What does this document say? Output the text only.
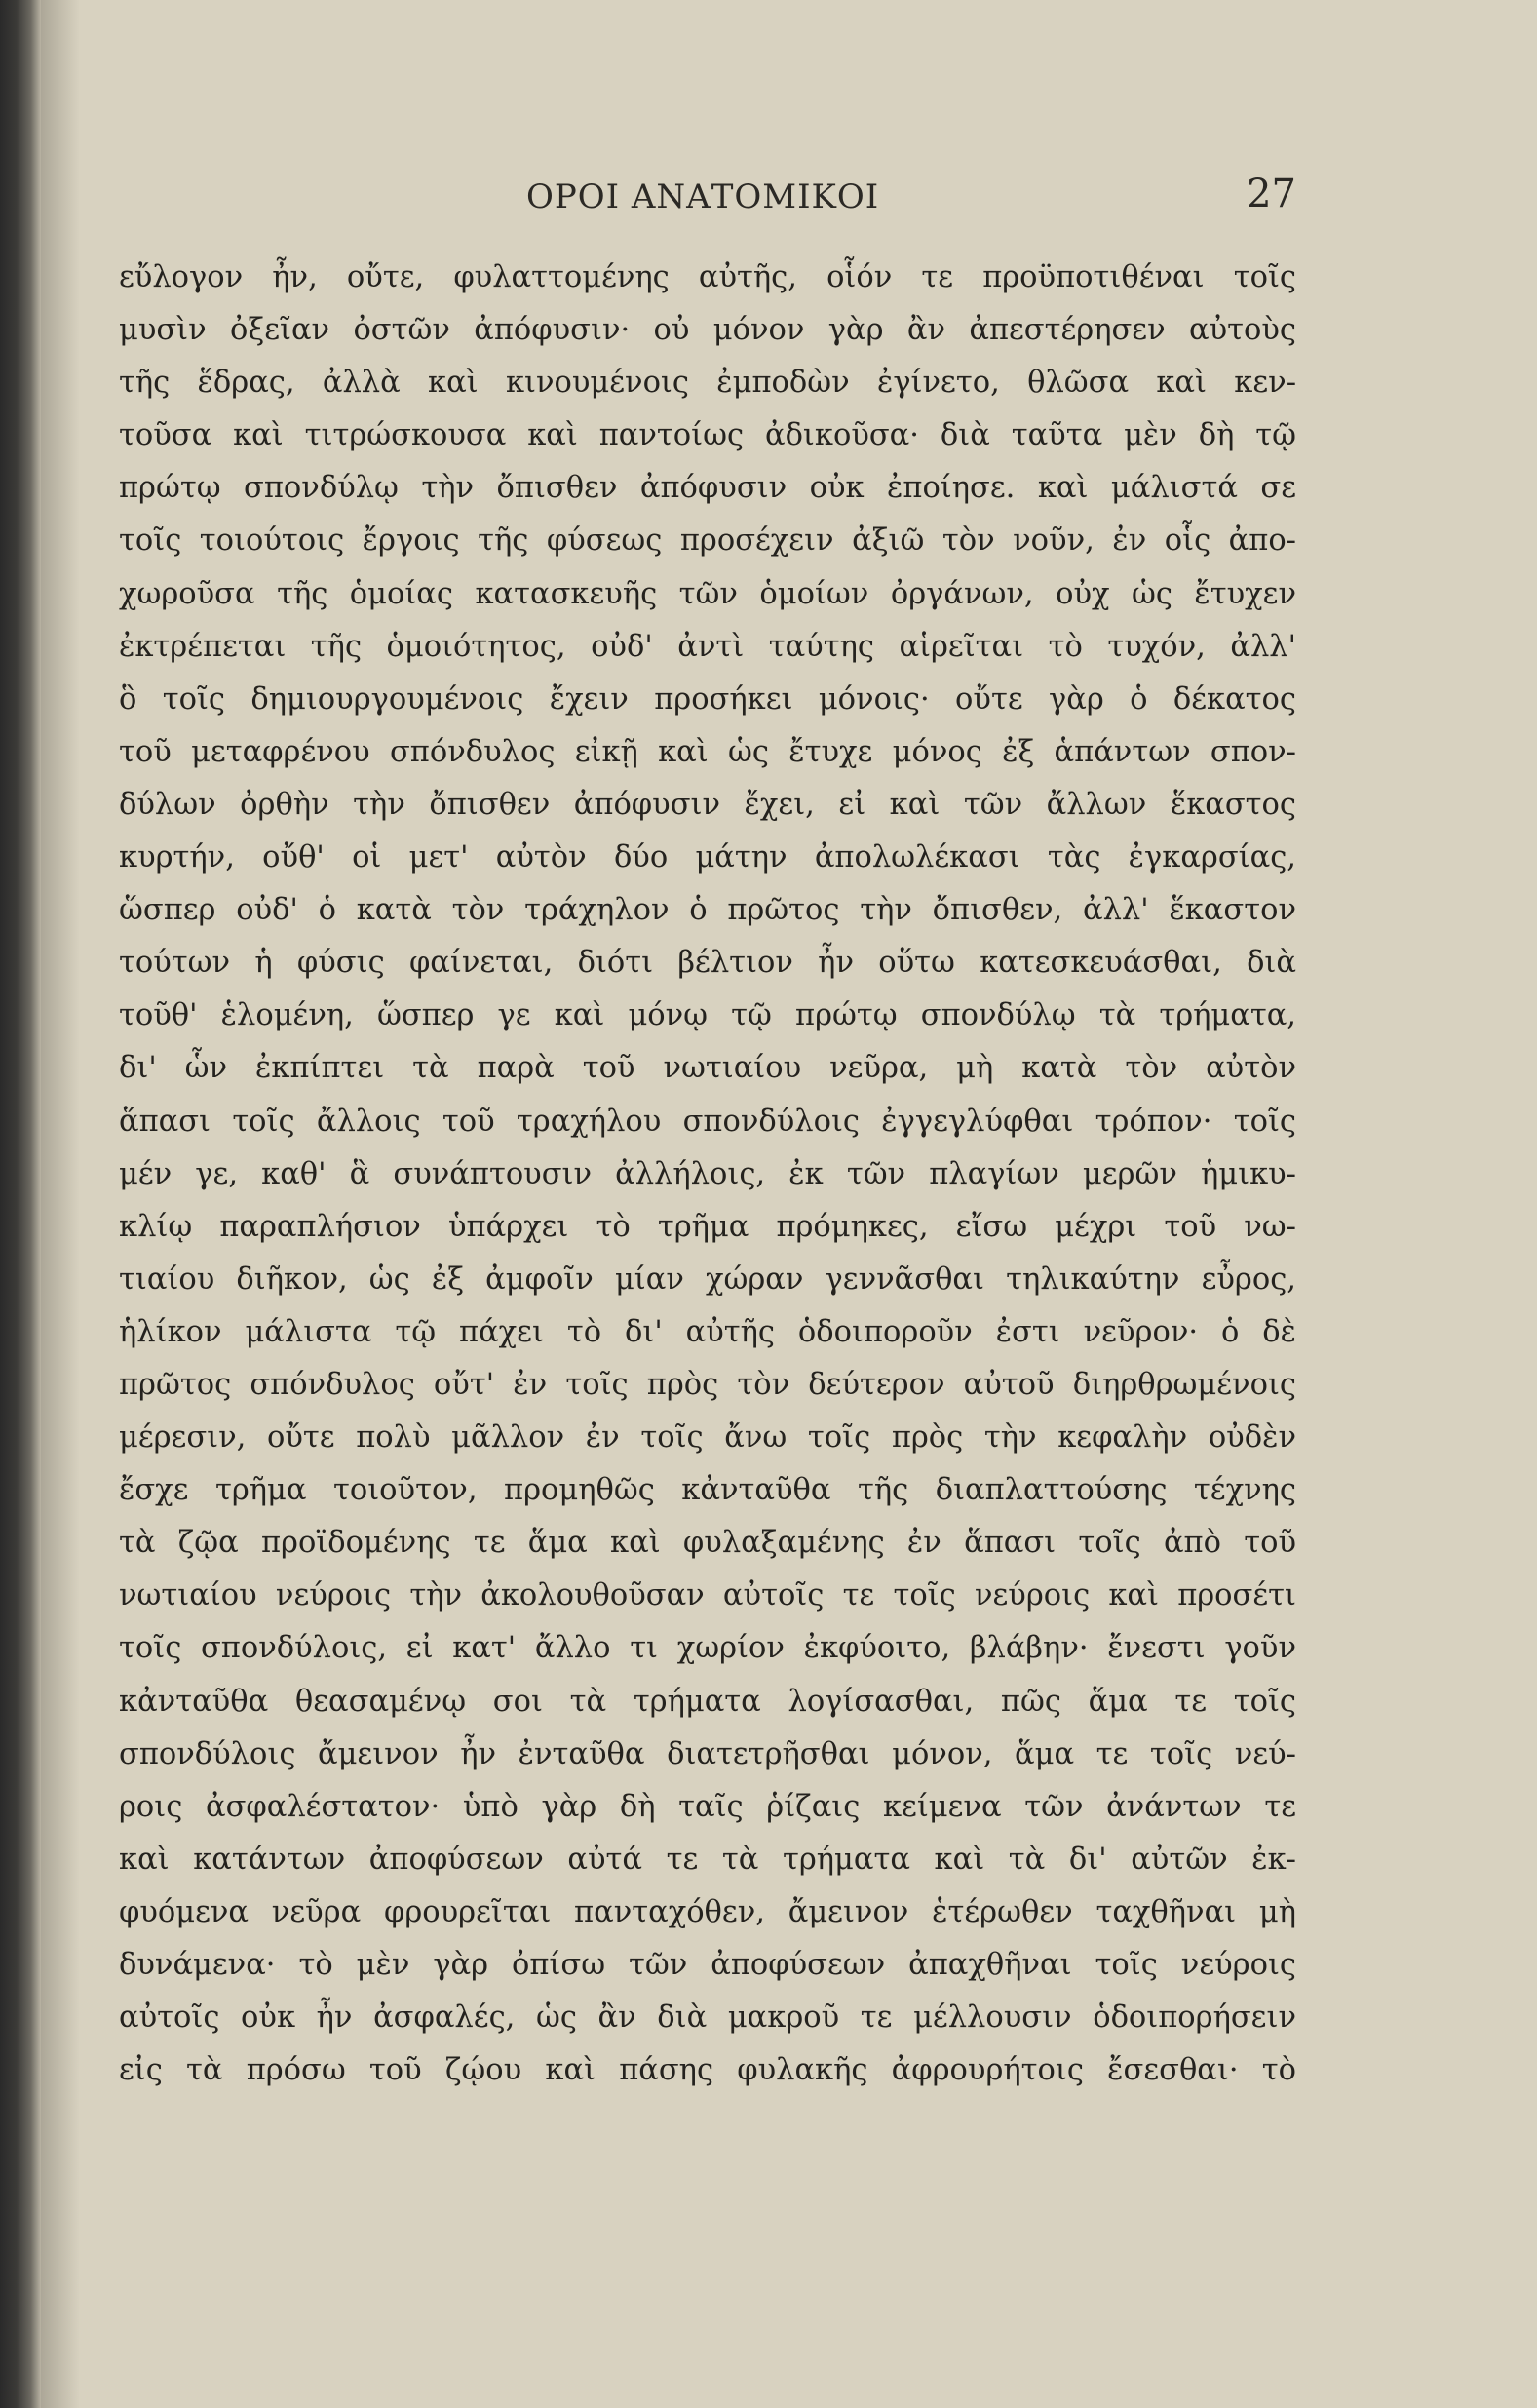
ΟΡΟΙ ΑΝΑΤΟΜΙΚΟΙ	27
εὔλογον ἦν, οὔτε, φυλαττομένης αὐτῆς, οἷόν τε προϋποτιθέναι τοῖς
μυσὶν ὀξεῖαν ὀστῶν ἀπόφυσιν· οὐ μόνον γὰρ ἂν ἀπεστέρησεν αὐτοὺς
τῆς ἕδρας, ἀλλὰ καὶ κινουμένοις ἐμποδὼν ἐγίνετο, θλῶσα καὶ κεν-
τοῦσα καὶ τιτρώσκουσα καὶ παντοίως ἀδικοῦσα· διὰ ταῦτα μὲν δὴ τῷ
πρώτῳ σπονδύλῳ τὴν ὄπισθεν ἀπόφυσιν οὐκ ἐποίησε. καὶ μάλιστά σε
τοῖς τοιούτοις ἔργοις τῆς φύσεως προσέχειν ἀξιῶ τὸν νοῦν, ἐν οἷς ἀπο-
χωροῦσα τῆς ὁμοίας κατασκευῆς τῶν ὁμοίων ὀργάνων, οὐχ ὡς ἔτυχεν
ἐκτρέπεται τῆς ὁμοιότητος, οὐδ' ἀντὶ ταύτης αἱρεῖται τὸ τυχόν, ἀλλ'
ὃ τοῖς δημιουργουμένοις ἔχειν προσήκει μόνοις· οὔτε γὰρ ὁ δέκατος
τοῦ μεταφρένου σπόνδυλος εἰκῇ καὶ ὡς ἔτυχε μόνος ἐξ ἁπάντων σπον-
δύλων ὀρθὴν τὴν ὄπισθεν ἀπόφυσιν ἔχει, εἰ καὶ τῶν ἄλλων ἕκαστος
κυρτήν, οὔθ' οἱ μετ' αὐτὸν δύο μάτην ἀπολωλέκασι τὰς ἐγκαρσίας,
ὥσπερ οὐδ' ὁ κατὰ τὸν τράχηλον ὁ πρῶτος τὴν ὄπισθεν, ἀλλ' ἕκαστον
τούτων ἡ φύσις φαίνεται, διότι βέλτιον ἦν οὕτω κατεσκευάσθαι, διὰ
τοῦθ' ἑλομένη, ὥσπερ γε καὶ μόνῳ τῷ πρώτῳ σπονδύλῳ τὰ τρήματα,
δι' ὧν ἐκπίπτει τὰ παρὰ τοῦ νωτιαίου νεῦρα, μὴ κατὰ τὸν αὐτὸν
ἅπασι τοῖς ἄλλοις τοῦ τραχήλου σπονδύλοις ἐγγεγλύφθαι τρόπον· τοῖς
μέν γε, καθ' ἃ συνάπτουσιν ἀλλήλοις, ἐκ τῶν πλαγίων μερῶν ἡμικυ-
κλίῳ παραπλήσιον ὑπάρχει τὸ τρῆμα πρόμηκες, εἴσω μέχρι τοῦ νω-
τιαίου διῆκον, ὡς ἐξ ἀμφοῖν μίαν χώραν γεννᾶσθαι τηλικαύτην εὖρος,
ἡλίκον μάλιστα τῷ πάχει τὸ δι' αὐτῆς ὁδοιποροῦν ἐστι νεῦρον· ὁ δὲ
πρῶτος σπόνδυλος οὔτ' ἐν τοῖς πρὸς τὸν δεύτερον αὐτοῦ διηρθρωμένοις
μέρεσιν, οὔτε πολὺ μᾶλλον ἐν τοῖς ἄνω τοῖς πρὸς τὴν κεφαλὴν οὐδὲν
ἔσχε τρῆμα τοιοῦτον, προμηθῶς κἀνταῦθα τῆς διαπλαττούσης τέχνης
τὰ ζῷα προϊδομένης τε ἅμα καὶ φυλαξαμένης ἐν ἅπασι τοῖς ἀπὸ τοῦ
νωτιαίου νεύροις τὴν ἀκολουθοῦσαν αὐτοῖς τε τοῖς νεύροις καὶ προσέτι
τοῖς σπονδύλοις, εἰ κατ' ἄλλο τι χωρίον ἐκφύοιτο, βλάβην· ἔνεστι γοῦν
κἀνταῦθα θεασαμένῳ σοι τὰ τρήματα λογίσασθαι, πῶς ἅμα τε τοῖς
σπονδύλοις ἄμεινον ἦν ἐνταῦθα διατετρῆσθαι μόνον, ἅμα τε τοῖς νεύ-
ροις ἀσφαλέστατον· ὑπὸ γὰρ δὴ ταῖς ῥίζαις κείμενα τῶν ἀνάντων τε
καὶ κατάντων ἀποφύσεων αὐτά τε τὰ τρήματα καὶ τὰ δι' αὐτῶν ἐκ-
φυόμενα νεῦρα φρουρεῖται πανταχόθεν, ἄμεινον ἑτέρωθεν ταχθῆναι μὴ
δυνάμενα· τὸ μὲν γὰρ ὀπίσω τῶν ἀποφύσεων ἀπαχθῆναι τοῖς νεύροις
αὐτοῖς οὐκ ἦν ἀσφαλές, ὡς ἂν διὰ μακροῦ τε μέλλουσιν ὁδοιπορήσειν
εἰς τὰ πρόσω τοῦ ζῴου καὶ πάσης φυλακῆς ἀφρουρήτοις ἔσεσθαι· τὸ
